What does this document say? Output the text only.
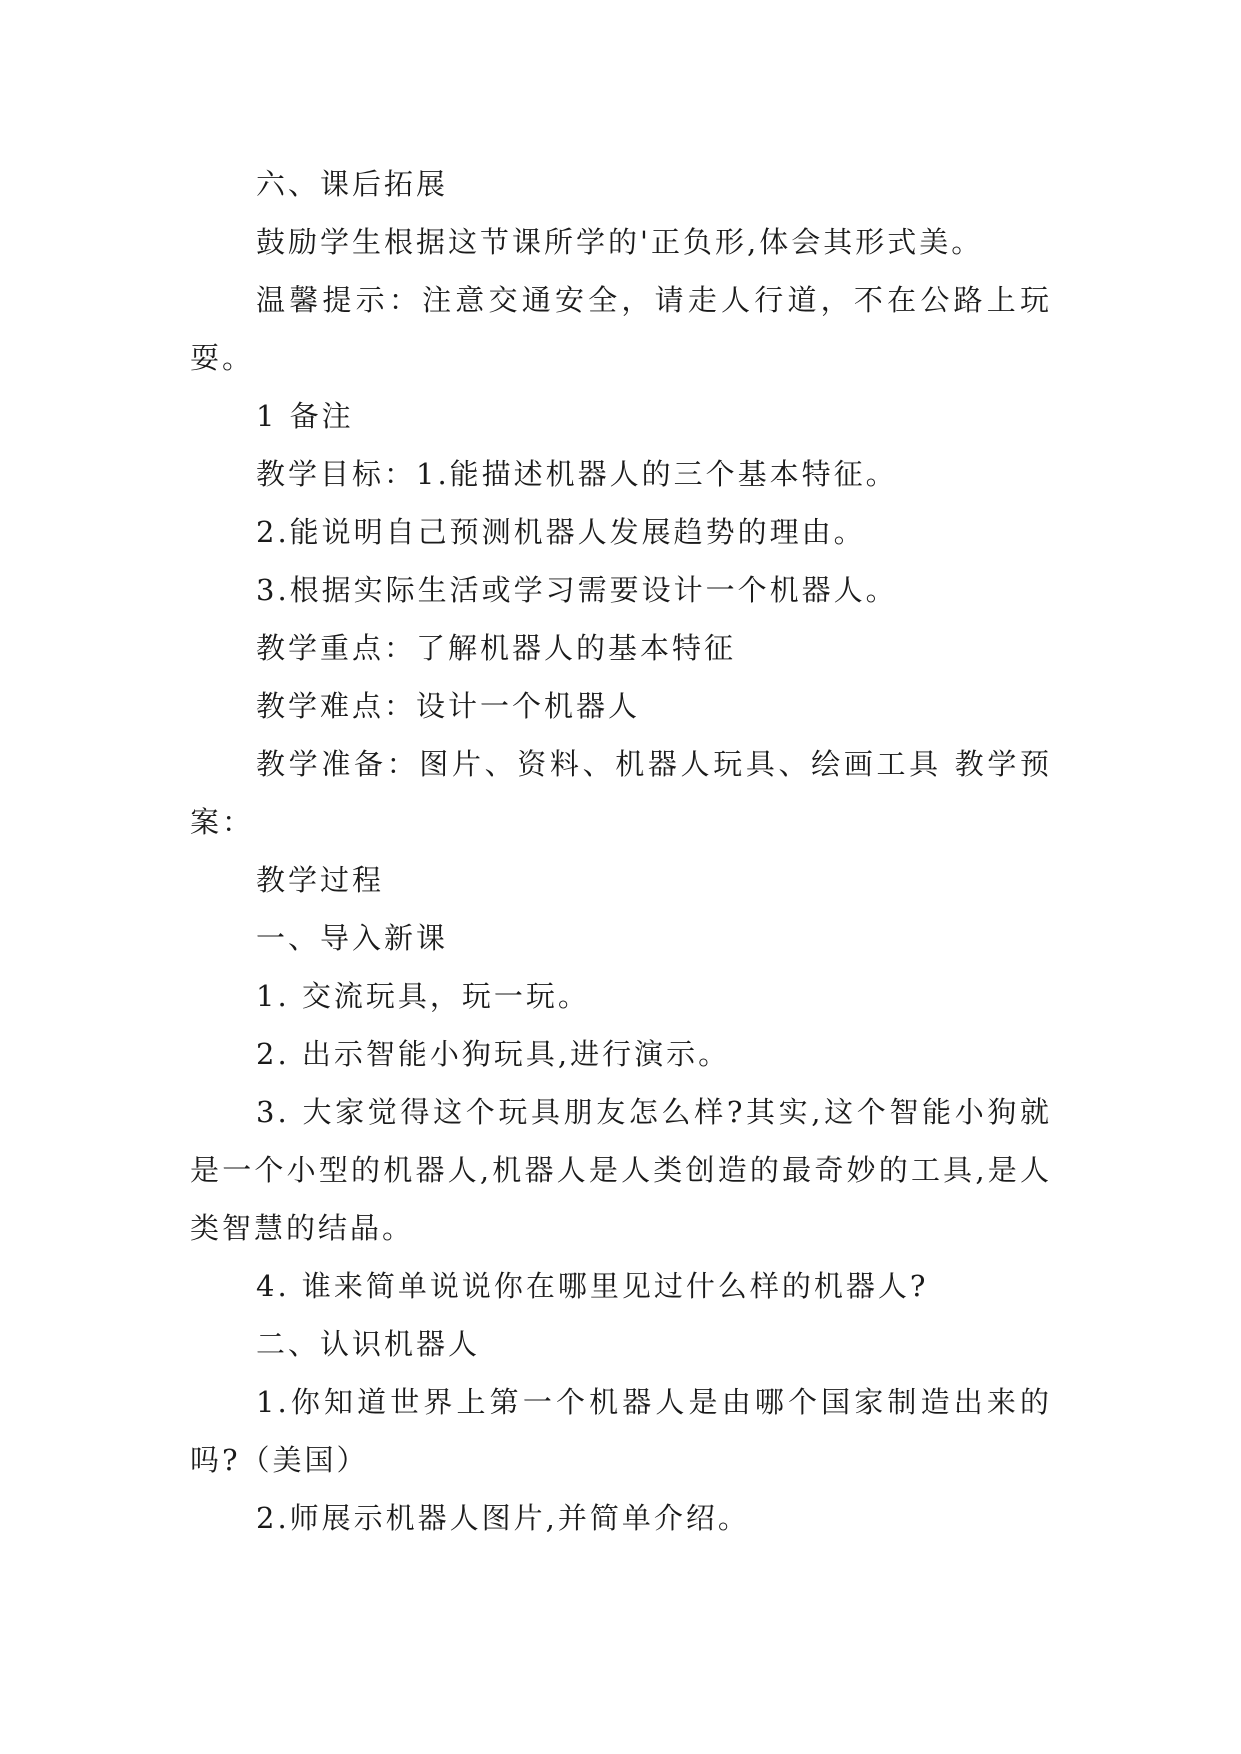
六、课后拓展

鼓励学生根据这节课所学的'正负形,体会其形式美。

温馨提示：注意交通安全，请走人行道，不在公路上玩耍。

1 备注

教学目标：1.能描述机器人的三个基本特征。

2.能说明自己预测机器人发展趋势的理由。

3.根据实际生活或学习需要设计一个机器人。

教学重点：了解机器人的基本特征

教学难点：设计一个机器人

教学准备：图片、资料、机器人玩具、绘画工具 教学预案：

教学过程

一、导入新课

1. 交流玩具，玩一玩。

2. 出示智能小狗玩具,进行演示。

3. 大家觉得这个玩具朋友怎么样?其实,这个智能小狗就是一个小型的机器人,机器人是人类创造的最奇妙的工具,是人类智慧的结晶。

4. 谁来简单说说你在哪里见过什么样的机器人?

二、认识机器人

1.你知道世界上第一个机器人是由哪个国家制造出来的吗?（美国）

2.师展示机器人图片,并简单介绍。
